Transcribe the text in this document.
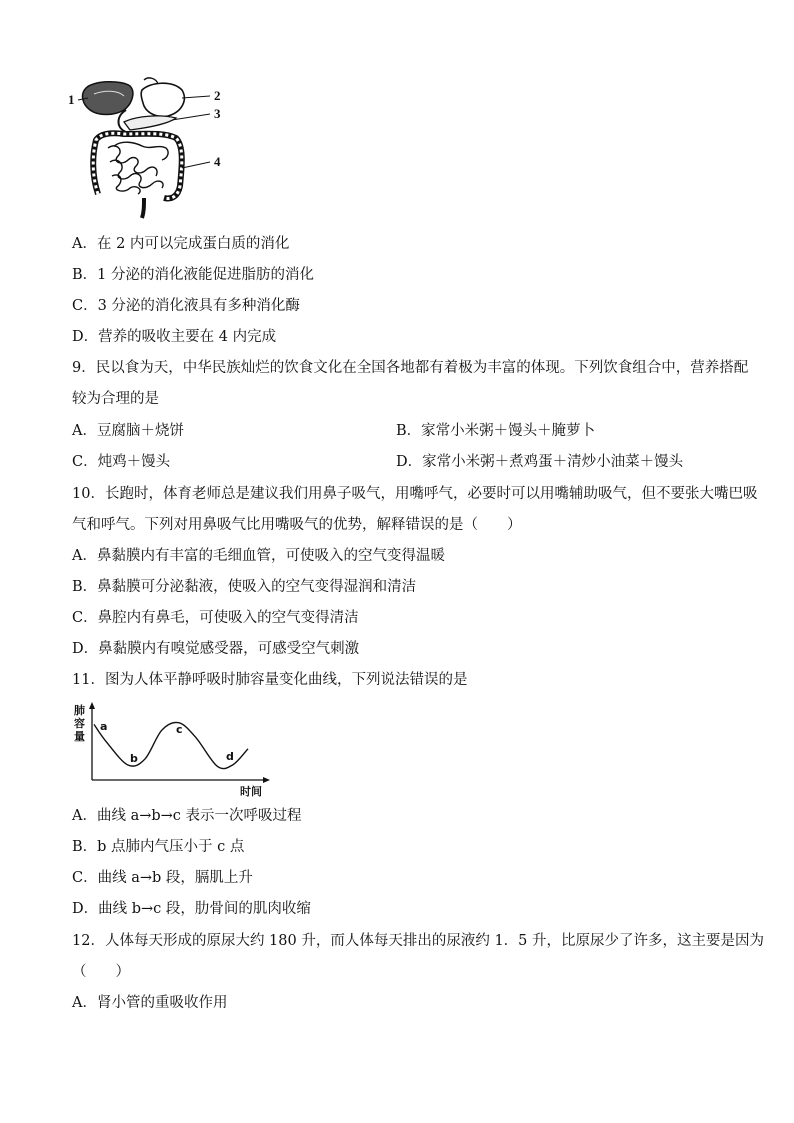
1	2
3
4
A．在 2 内可以完成蛋白质的消化
B．1 分泌的消化液能促进脂肪的消化
C．3 分泌的消化液具有多种消化酶
D．营养的吸收主要在 4 内完成
9．民以食为天，中华民族灿烂的饮食文化在全国各地都有着极为丰富的体现。下列饮食组合中，营养搭配
较为合理的是
A．豆腐脑＋烧饼	B．家常小米粥＋馒头＋腌萝卜
C．炖鸡＋馒头	D．家常小米粥＋煮鸡蛋＋清炒小油菜＋馒头
10．长跑时，体育老师总是建议我们用鼻子吸气，用嘴呼气，必要时可以用嘴辅助吸气，但不要张大嘴巴吸
气和呼气。下列对用鼻吸气比用嘴吸气的优势，解释错误的是（　　）
A．鼻黏膜内有丰富的毛细血管，可使吸入的空气变得温暖
B．鼻黏膜可分泌黏液，使吸入的空气变得湿润和清洁
C．鼻腔内有鼻毛，可使吸入的空气变得清洁
D．鼻黏膜内有嗅觉感受器，可感受空气刺激
11．图为人体平静呼吸时肺容量变化曲线，下列说法错误的是
肺
容
量
a
b
c
d
时间
A．曲线 a→b→c 表示一次呼吸过程
B．b 点肺内气压小于 c 点
C．曲线 a→b 段，膈肌上升
D．曲线 b→c 段，肋骨间的肌肉收缩
12．人体每天形成的原尿大约 180 升，而人体每天排出的尿液约 1．5 升，比原尿少了许多，这主要是因为
（　　）
A．肾小管的重吸收作用
